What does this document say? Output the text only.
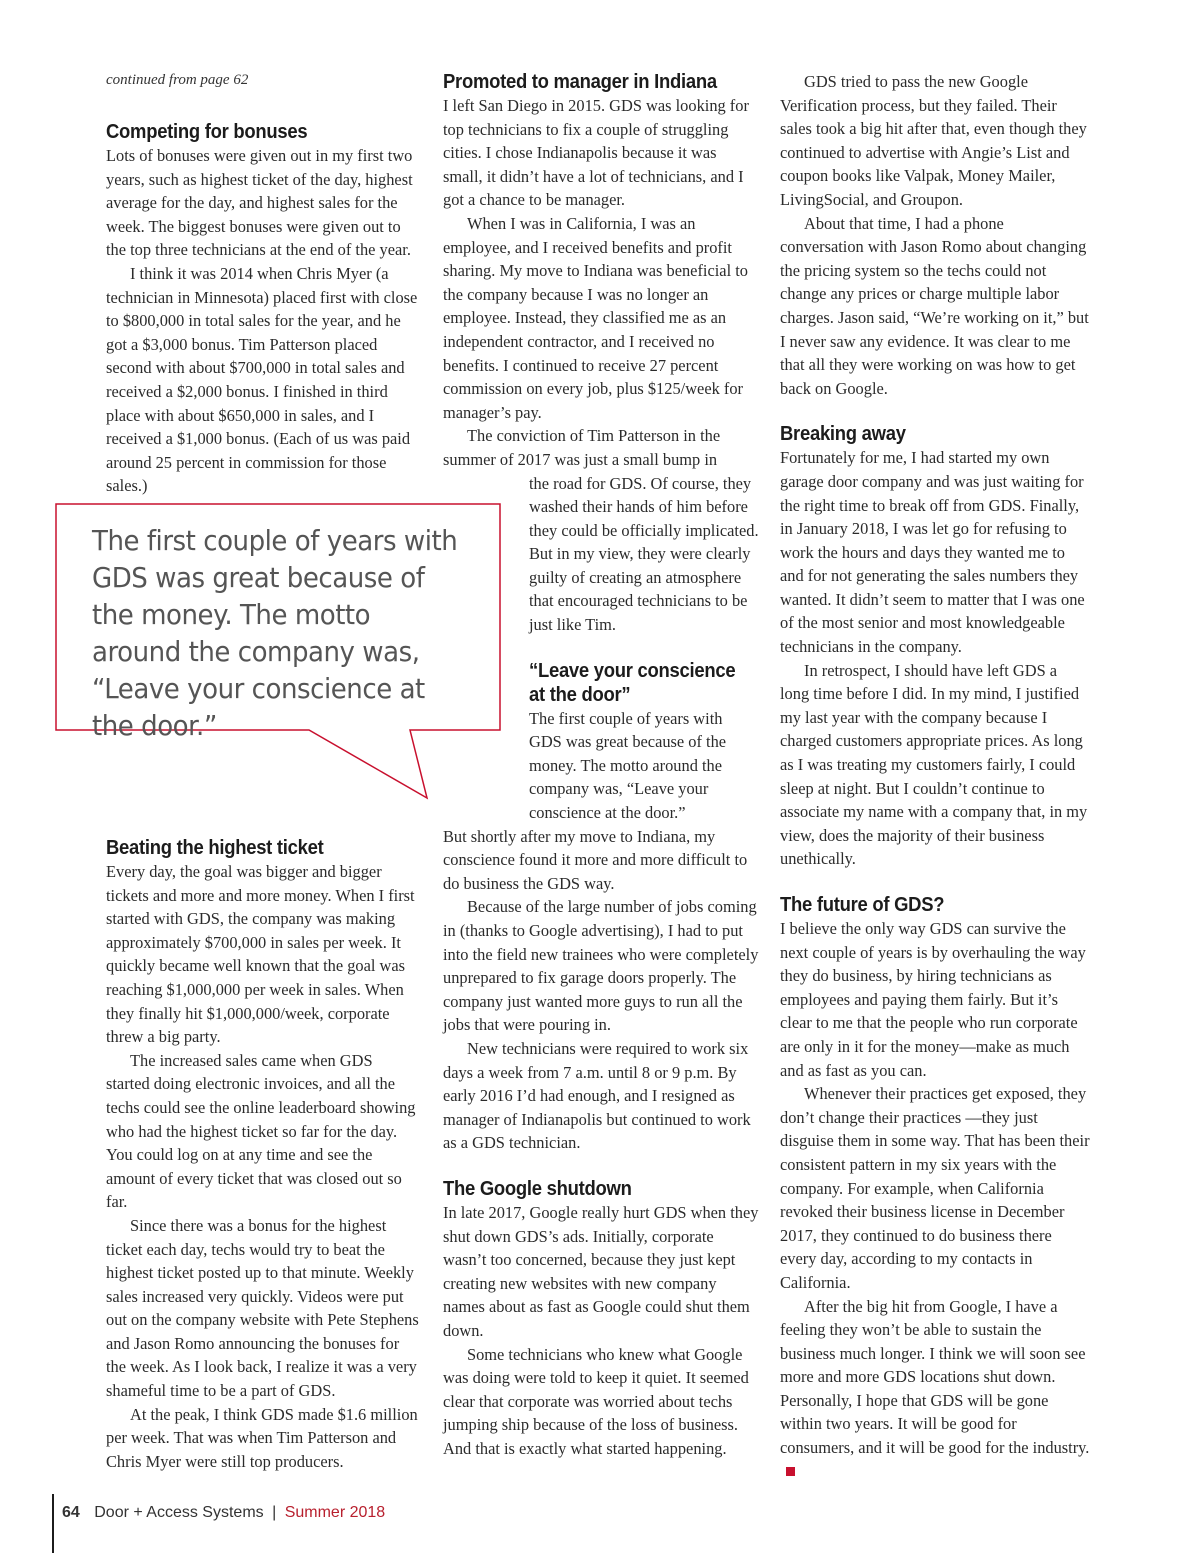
continued from page 62
Competing for bonuses

Lots of bonuses were given out in my first two years, such as highest ticket of the day, highest average for the day, and highest sales for the week. The biggest bonuses were given out to the top three technicians at the end of the year.

I think it was 2014 when Chris Myer (a technician in Minnesota) placed first with close to $800,000 in total sales for the year, and he got a $3,000 bonus. Tim Patterson placed second with about $700,000 in total sales and received a $2,000 bonus. I finished in third place with about $650,000 in sales, and I received a $1,000 bonus. (Each of us was paid around 25 percent in commission for those sales.)

Beating the highest ticket

Every day, the goal was bigger and bigger tickets and more and more money. When I first started with GDS, the company was making approximately $700,000 in sales per week. It quickly became well known that the goal was reaching $1,000,000 per week in sales. When they finally hit $1,000,000/week, corporate threw a big party.

The increased sales came when GDS started doing electronic invoices, and all the techs could see the online leaderboard showing who had the highest ticket so far for the day. You could log on at any time and see the amount of every ticket that was closed out so far.

Since there was a bonus for the highest ticket each day, techs would try to beat the highest ticket posted up to that minute. Weekly sales increased very quickly. Videos were put out on the company website with Pete Stephens and Jason Romo announcing the bonuses for the week. As I look back, I realize it was a very shameful time to be a part of GDS.

At the peak, I think GDS made $1.6 million per week. That was when Tim Patterson and Chris Myer were still top producers.

The first couple of years with GDS was great because of the money. The motto around the company was, “Leave your conscience at the door.”
Promoted to manager in Indiana

I left San Diego in 2015. GDS was looking for top technicians to fix a couple of struggling cities. I chose Indianapolis because it was small, it didn’t have a lot of technicians, and I got a chance to be manager.

When I was in California, I was an employee, and I received benefits and profit sharing. My move to Indiana was beneficial to the company because I was no longer an employee. Instead, they classified me as an independent contractor, and I received no benefits. I continued to receive 27 percent commission on every job, plus $125/week for manager’s pay.

The conviction of Tim Patterson in the summer of 2017 was just a small bump in

the road for GDS. Of course, they washed their hands of him before they could be officially implicated. But in my view, they were clearly guilty of creating an atmosphere that encouraged technicians to be just like Tim.

“Leave your conscience at the door”

The first couple of years with GDS was great because of the money. The motto around the company was, “Leave your conscience at the door.”

But shortly after my move to Indiana, my conscience found it more and more difficult to do business the GDS way.

Because of the large number of jobs coming in (thanks to Google advertising), I had to put into the field new trainees who were completely unprepared to fix garage doors properly. The company just wanted more guys to run all the jobs that were pouring in.

New technicians were required to work six days a week from 7 a.m. until 8 or 9 p.m. By early 2016 I’d had enough, and I resigned as manager of Indianapolis but continued to work as a GDS technician.

The Google shutdown

In late 2017, Google really hurt GDS when they shut down GDS’s ads. Initially, corporate wasn’t too concerned, because they just kept creating new websites with new company names about as fast as Google could shut them down.

Some technicians who knew what Google was doing were told to keep it quiet. It seemed clear that corporate was worried about techs jumping ship because of the loss of business. And that is exactly what started happening.

GDS tried to pass the new Google Verification process, but they failed. Their sales took a big hit after that, even though they continued to advertise with Angie’s List and coupon books like Valpak, Money Mailer, LivingSocial, and Groupon.

About that time, I had a phone conversation with Jason Romo about changing the pricing system so the techs could not change any prices or charge multiple labor charges. Jason said, “We’re working on it,” but I never saw any evidence. It was clear to me that all they were working on was how to get back on Google.

Breaking away

Fortunately for me, I had started my own garage door company and was just waiting for the right time to break off from GDS. Finally, in January 2018, I was let go for refusing to work the hours and days they wanted me to and for not generating the sales numbers they wanted. It didn’t seem to matter that I was one of the most senior and most knowledgeable technicians in the company.

In retrospect, I should have left GDS a long time before I did. In my mind, I justified my last year with the company because I charged customers appropriate prices. As long as I was treating my customers fairly, I could sleep at night. But I couldn’t continue to associate my name with a company that, in my view, does the majority of their business unethically.

The future of GDS?

I believe the only way GDS can survive the next couple of years is by overhauling the way they do business, by hiring technicians as employees and paying them fairly. But it’s clear to me that the people who run corporate are only in it for the money—make as much and as fast as you can.

Whenever their practices get exposed, they don’t change their practices —they just disguise them in some way. That has been their consistent pattern in my six years with the company. For example, when California revoked their business license in December 2017, they continued to do business there every day, according to my contacts in California.

After the big hit from Google, I have a feeling they won’t be able to sustain the business much longer. I think we will soon see more and more GDS locations shut down. Personally, I hope that GDS will be gone within two years. It will be good for consumers, and it will be good for the industry.

64 Door + Access Systems | Summer 2018
